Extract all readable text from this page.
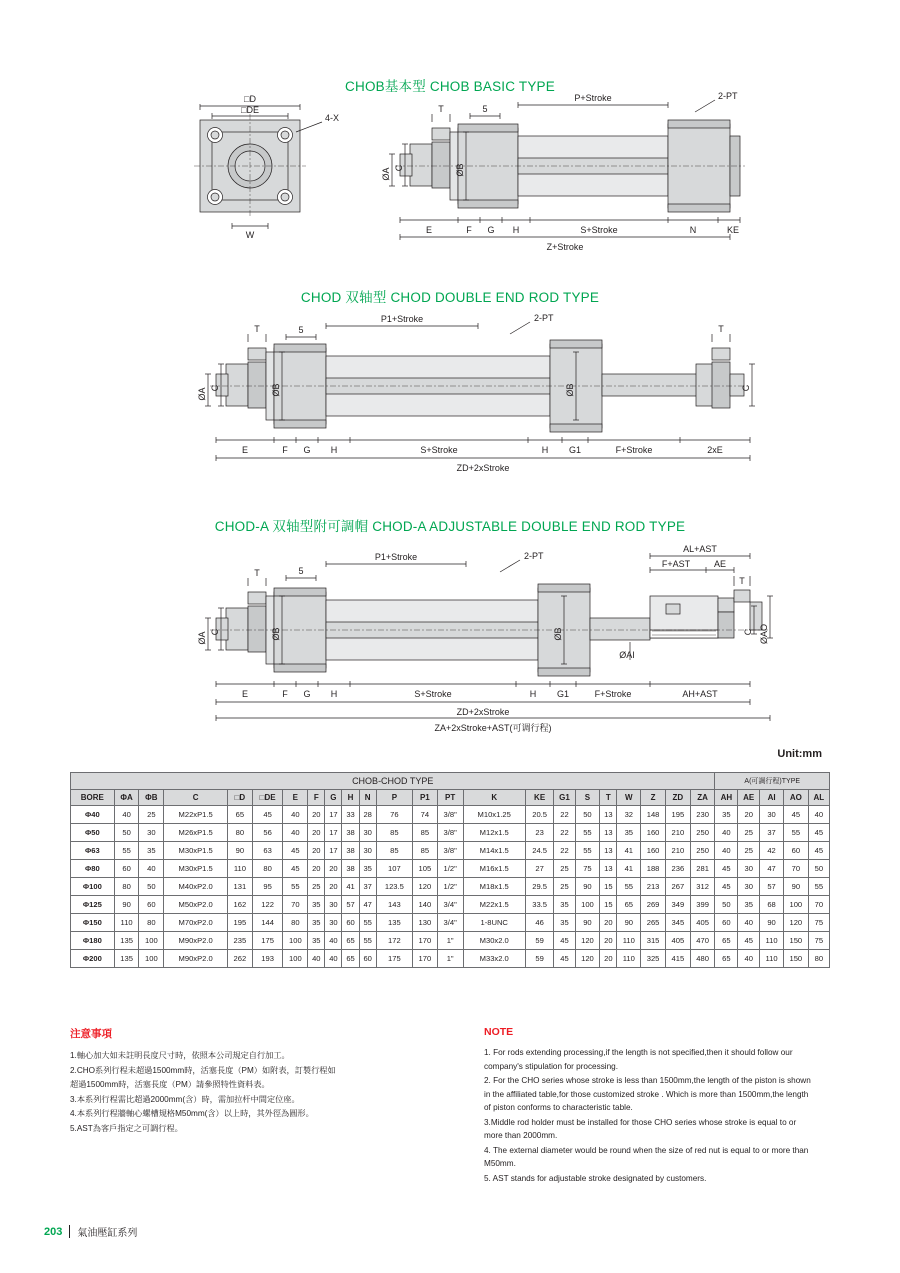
CHOB基本型 CHOB BASIC TYPE
□D
□DE
4-X
W
P+Stroke	2-PT
5
T
ØA C	ØB
E	F G H	S+Stroke	N	KE
Z+Stroke
CHOD 双轴型 CHOD DOUBLE END ROD TYPE
P1+Stroke	2-PT
5
T	T
ØA C	ØB	ØB	C
E	F G H	S+Stroke	H G1	F+Stroke	2xE
ZD+2xStroke
CHOD-A 双轴型附可調帽 CHOD-A ADJUSTABLE DOUBLE END ROD TYPE
P1+Stroke	2-PT
5
T
T
AL+AST
F+AST	AE
ØA C	ØB	ØB
ØAI
C ØAO
E	F G H	S+Stroke	H G1	F+Stroke	AH+AST
ZD+2xStroke
ZA+2xStroke+AST(可调行程)
Unit:mm
CHOB-CHOD TYPE																							A(可調行程)TYPE				
BORE	ΦA	ΦB	C	□D	□DE	E	F	G	H	N	P	P1	PT	K	KE	G1	S	T	W	Z	ZD	ZA	AH	AE	AI	AO	AL
Φ40	40	25	M22xP1.5	65	45	40	20	17	33	28	76	74	3/8"	M10x1.25	20.5	22	50	13	32	148	195	230	35	20	30	45	40
Φ50	50	30	M26xP1.5	80	56	40	20	17	38	30	85	85	3/8"	M12x1.5	23	22	55	13	35	160	210	250	40	25	37	55	45
Φ63	55	35	M30xP1.5	90	63	45	20	17	38	30	85	85	3/8"	M14x1.5	24.5	22	55	13	41	160	210	250	40	25	42	60	45
Φ80	60	40	M30xP1.5	110	80	45	20	20	38	35	107	105	1/2"	M16x1.5	27	25	75	13	41	188	236	281	45	30	47	70	50
Φ100	80	50	M40xP2.0	131	95	55	25	20	41	37	123.5	120	1/2"	M18x1.5	29.5	25	90	15	55	213	267	312	45	30	57	90	55
Φ125	90	60	M50xP2.0	162	122	70	35	30	57	47	143	140	3/4"	M22x1.5	33.5	35	100	15	65	269	349	399	50	35	68	100	70
Φ150	110	80	M70xP2.0	195	144	80	35	30	60	55	135	130	3/4"	1-8UNC	46	35	90	20	90	265	345	405	60	40	90	120	75
Φ180	135	100	M90xP2.0	235	175	100	35	40	65	55	172	170	1"	M30x2.0	59	45	120	20	110	315	405	470	65	45	110	150	75
Φ200	135	100	M90xP2.0	262	193	100	40	40	65	60	175	170	1"	M33x2.0	59	45	120	20	110	325	415	480	65	40	110	150	80
注意事項
1.軸心加大如未註明長度尺寸時，依照本公司規定自行加工。
2.CHO系列行程未超過1500mm時，活塞長度（PM）如附表，訂製行程如
超過1500mm時，活塞長度（PM）請參照特性資料表。
3.本系列行程需比超過2000mm(含）時，需加拉杆中間定位座。
4.本系列行程牆軸心螺槽規格M50mm(含）以上時，其外徑為圓形。
5.AST為客戶指定之可調行程。
NOTE
1. For rods extending processing,if the length is not specified,then it should follow our company's stipulation for processing.
2. For the CHO series whose stroke is less than 1500mm,the length of the piston is shown in the affiliated table,for those customized stroke . Which is more than 1500mm,the length of piston conforms to characteristic table.
3.Middle rod holder must be installed for those CHO series whose stroke is equal to or more than 2000mm.
4. The external diameter would be round when the size of red nut is equal to or more than M50mm.
5. AST stands for adjustable stroke designated by customers.
203 氣油壓缸系列
